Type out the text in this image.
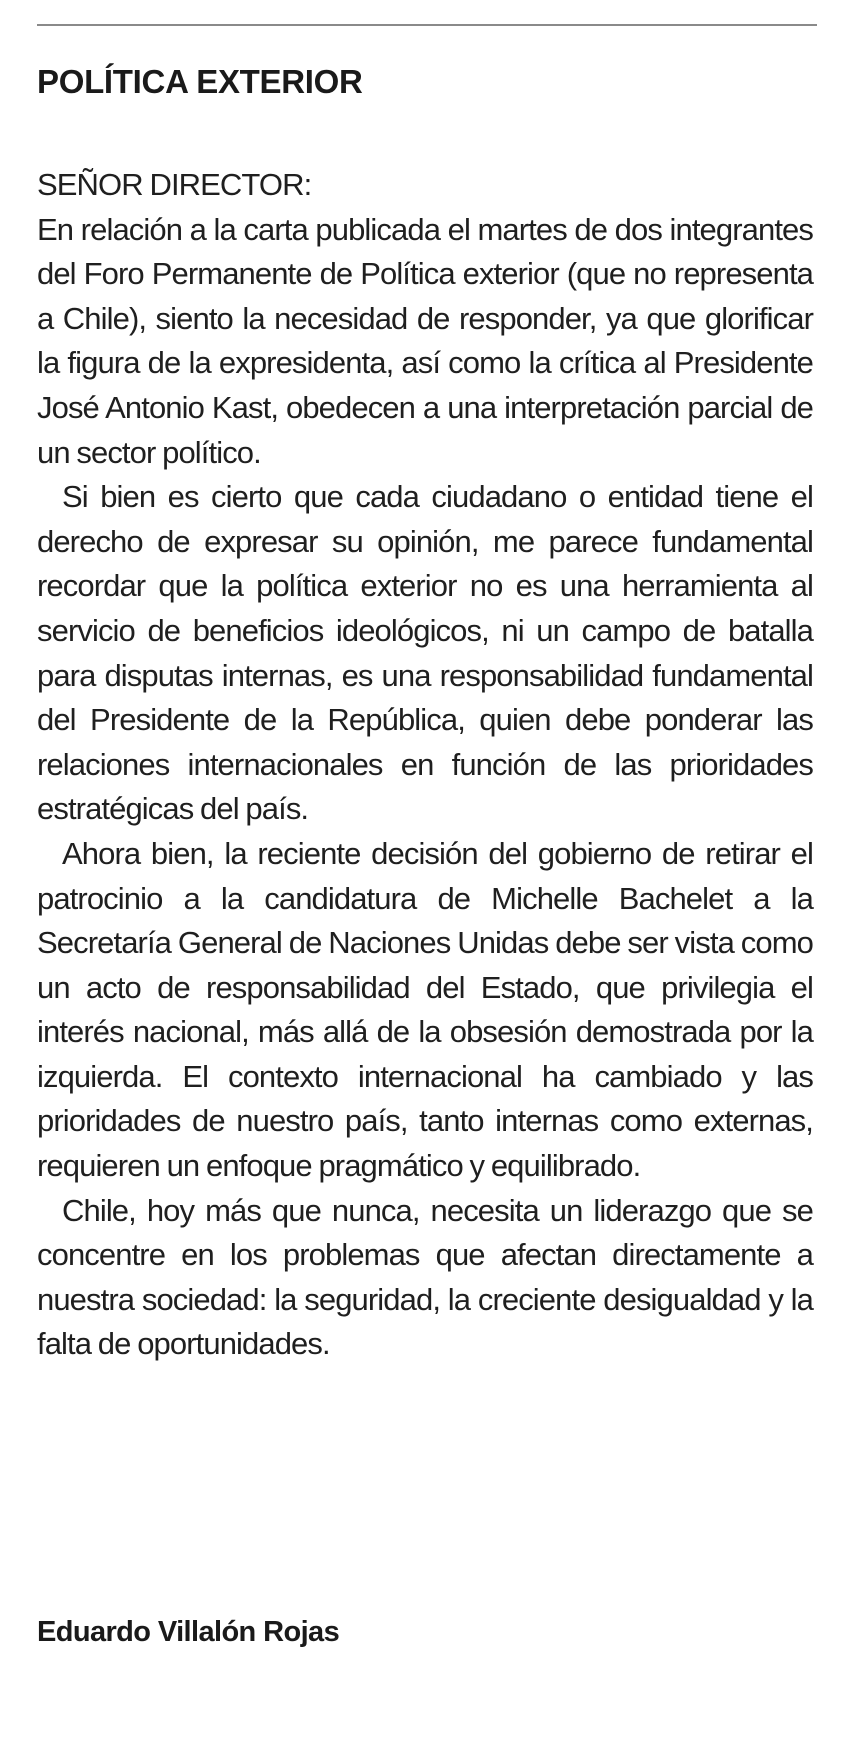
POLÍTICA EXTERIOR

SEÑOR DIRECTOR:

En relación a la carta publicada el martes de dos integrantes del Foro Permanente de Política exterior (que no representa a Chile), siento la necesidad de responder, ya que glorificar la figura de la expresidenta, así como la crítica al Presidente José Antonio Kast, obedecen a una interpretación parcial de un sector político.

Si bien es cierto que cada ciudadano o entidad tiene el derecho de expresar su opinión, me parece fundamental recordar que la política exterior no es una herramienta al servicio de beneficios ideológicos, ni un campo de batalla para disputas internas, es una responsabilidad fundamental del Presidente de la República, quien debe ponderar las relaciones internacionales en función de las prioridades estratégicas del país.

Ahora bien, la reciente decisión del gobierno de retirar el patrocinio a la candidatura de Michelle Bachelet a la Secretaría General de Naciones Unidas debe ser vista como un acto de responsabilidad del Estado, que privilegia el interés nacional, más allá de la obsesión demostrada por la izquierda. El contexto internacional ha cambiado y las prioridades de nuestro país, tanto internas como externas, requieren un enfoque pragmático y equilibrado.

Chile, hoy más que nunca, necesita un liderazgo que se concentre en los problemas que afectan directamente a nuestra sociedad: la seguridad, la creciente desigualdad y la falta de oportunidades.

Eduardo Villalón Rojas
